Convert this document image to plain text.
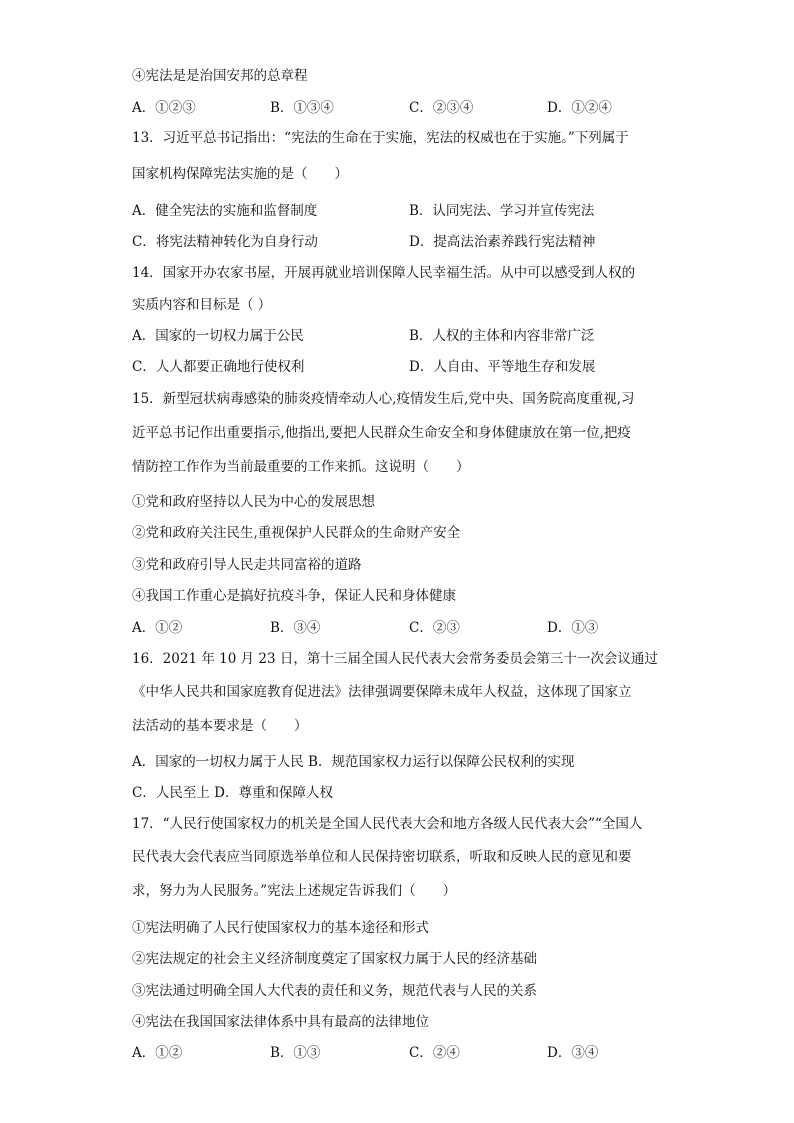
④宪法是是治国安邦的总章程
A．①②③	B．①③④	C．②③④	D．①②④
13．习近平总书记指出：“宪法的生命在于实施，宪法的权威也在于实施。”下列属于
国家机构保障宪法实施的是（　　）
A．健全宪法的实施和监督制度	B．认同宪法、学习并宣传宪法
C．将宪法精神转化为自身行动	D．提高法治素养践行宪法精神
14．国家开办农家书屋，开展再就业培训保障人民幸福生活。从中可以感受到人权的
实质内容和目标是（ ）
A．国家的一切权力属于公民	B．人权的主体和内容非常广泛
C．人人都要正确地行使权利	D．人自由、平等地生存和发展
15．新型冠状病毒感染的肺炎疫情牵动人心,疫情发生后,党中央、国务院高度重视,习
近平总书记作出重要指示,他指出,要把人民群众生命安全和身体健康放在第一位,把疫
情防控工作作为当前最重要的工作来抓。这说明（　　）
①党和政府坚持以人民为中心的发展思想
②党和政府关注民生,重视保护人民群众的生命财产安全
③党和政府引导人民走共同富裕的道路
④我国工作重心是搞好抗疫斗争，保证人民和身体健康
A．①②	B．③④	C．②③	D．①③
16．2021 年 10 月 23 日，第十三届全国人民代表大会常务委员会第三十一次会议通过
《中华人民共和国家庭教育促进法》法律强调要保障未成年人权益，这体现了国家立
法活动的基本要求是（　　）
A．国家的一切权力属于人民 B．规范国家权力运行以保障公民权利的实现
C．人民至上 D．尊重和保障人权
17．“人民行使国家权力的机关是全国人民代表大会和地方各级人民代表大会”“全国人
民代表大会代表应当同原选举单位和人民保持密切联系，听取和反映人民的意见和要
求，努力为人民服务。”宪法上述规定告诉我们（　　）
①宪法明确了人民行使国家权力的基本途径和形式
②宪法规定的社会主义经济制度奠定了国家权力属于人民的经济基础
③宪法通过明确全国人大代表的责任和义务，规范代表与人民的关系
④宪法在我国国家法律体系中具有最高的法律地位
A．①②	B．①③	C．②④	D．③④
